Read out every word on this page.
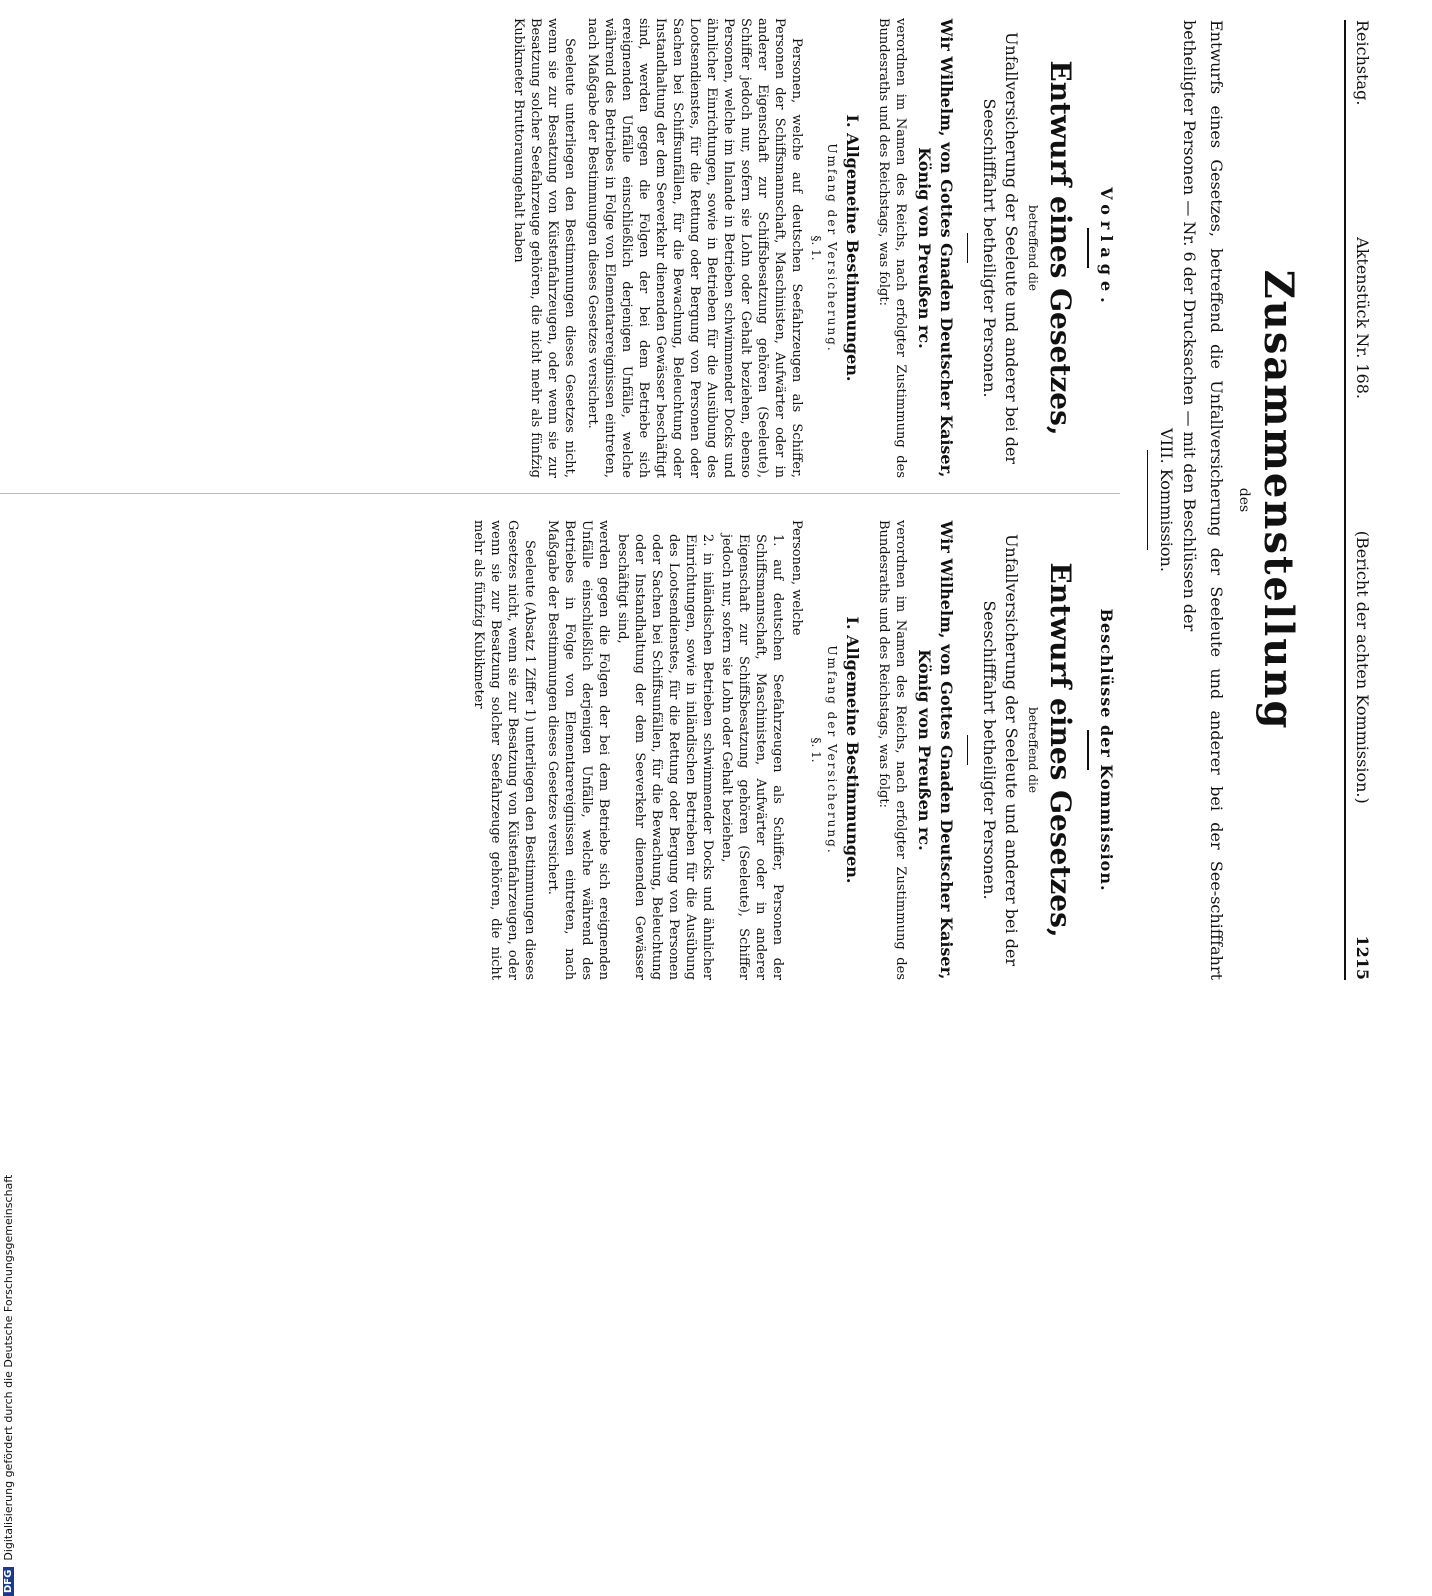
Reichstag.
Aktenstück Nr. 168.
(Bericht der achten Kommission.)
1215
Zusammenstellung
des
Entwurfs eines Gesetzes, betreffend die Unfallversicherung der Seeleute und anderer bei der See-schifffahrt betheiligter Personen — Nr. 6 der Drucksachen — mit den Beschlüssen der
VIII. Kommission.
Vorlage.
Entwurf eines Gesetzes,
betreffend die
Unfallversicherung der Seeleute und anderer bei der Seeschifffahrt betheiligter Personen.
Wir Wilhelm, von Gottes Gnaden Deutscher Kaiser, König von Preußen rc.
verordnen im Namen des Reichs, nach erfolgter Zustimmung des Bundesraths und des Reichstags, was folgt:
I. Allgemeine Bestimmungen.
Umfang der Versicherung.
§. 1.
Personen, welche auf deutschen Seefahrzeugen als Schiffer, Personen der Schiffsmannschaft, Maschinisten, Aufwärter oder in anderer Eigenschaft zur Schiffsbesatzung gehören (Seeleute), Schiffer jedoch nur, sofern sie Lohn oder Gehalt beziehen, ebenso Personen, welche im Inlande in Betrieben schwimmender Docks und ähnlicher Einrichtungen, sowie in Betrieben für die Ausübung des Lootsendienstes, für die Rettung oder Bergung von Personen oder Sachen bei Schiffsunfällen, für die Bewachung, Beleuchtung oder Instandhaltung der dem Seeverkehr dienenden Gewässer beschäftigt sind, werden gegen die Folgen der bei dem Betriebe sich ereignenden Unfälle einschließlich derjenigen Unfälle, welche während des Betriebes in Folge von Elementarereignissen eintreten, nach Maßgabe der Bestimmungen dieses Gesetzes versichert.
Seeleute unterliegen den Bestimmungen dieses Gesetzes nicht, wenn sie zur Besatzung von Küstenfahrzeugen, oder wenn sie zur Besatzung solcher Seefahrzeuge gehören, die nicht mehr als fünfzig Kubikmeter Bruttoraumgehalt haben
Beschlüsse der Kommission.
Entwurf eines Gesetzes,
betreffend die
Unfallversicherung der Seeleute und anderer bei der Seeschifffahrt betheiligter Personen.
Wir Wilhelm, von Gottes Gnaden Deutscher Kaiser, König von Preußen rc.
verordnen im Namen des Reichs, nach erfolgter Zustimmung des Bundesraths und des Reichstags, was folgt:
I. Allgemeine Bestimmungen.
Umfang der Versicherung.
§. 1.
Personen, welche
1. auf deutschen Seefahrzeugen als Schiffer, Personen der Schiffsmannschaft, Maschinisten, Aufwärter oder in anderer Eigenschaft zur Schiffsbesatzung gehören (Seeleute), Schiffer jedoch nur, sofern sie Lohn oder Gehalt beziehen,
2. in inländischen Betrieben schwimmender Docks und ähnlicher Einrichtungen, sowie in inländischen Betrieben für die Ausübung des Lootsendienstes, für die Rettung oder Bergung von Personen oder Sachen bei Schiffsunfällen, für die Bewachung, Beleuchtung oder Instandhaltung der dem Seeverkehr dienenden Gewässer beschäftigt sind,
werden gegen die Folgen der bei dem Betriebe sich ereignenden Unfälle einschließlich derjenigen Unfälle, welche während des Betriebes in Folge von Elementarereignissen eintreten, nach Maßgabe der Bestimmungen dieses Gesetzes versichert.
Seeleute (Absatz 1 Ziffer 1) unterliegen den Bestimmungen dieses Gesetzes nicht, wenn sie zur Besatzung von Küstenfahrzeugen, oder wenn sie zur Besatzung solcher Seefahrzeuge gehören, die nicht mehr als fünfzig Kubikmeter
DFG
Digitalisierung gefördert durch die Deutsche Forschungsgemeinschaft
